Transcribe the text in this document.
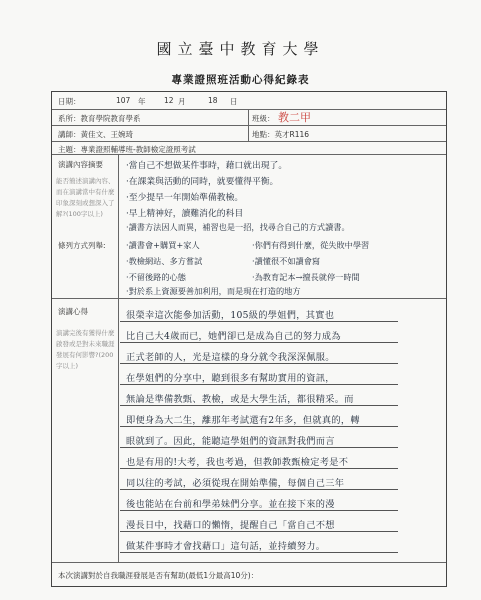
國立臺中教育大學
專業證照班活動心得紀錄表
日期：	107 年 12 月	18 日
系所：教育學院教育學系	班級： 教二甲
講師：黃佳文、王婉琦	地點：英才R116
主題：專業證照輔導班-教師檢定證照考試
演講內容摘要
能否簡述演講內容、而在演講當中有什麼印象深刻或想深入了解?(100字以上)
條列方式列舉:
·當自己不想做某件事時，藉口就出現了。
·在課業與活動的同時，就要懂得平衡。
·至少提早一年開始準備教檢。
·早上精神好，讀難消化的科目
·讀書方法因人而異，補習也是一招，找尋合自己的方式讀書。
·讀書會+購買+家人
·教檢網站、多方嘗試
·不留後路的心態
·你們有得到什麼，從失敗中學習
·讀懂很不如讀會寫
·為教育記本→擅長就停一時間
·對於系上資源要善加利用，而是現在打造的地方
演講心得
演講完後有獲得什麼啟發或是對未來職涯發展有何影響?(200字以上)
很榮幸這次能參加活動，105級的學姐們，其實也
比自己大4歲而已，她們卻已是成為自己的努力成為
正式老師的人，光是這樣的身分就令我深深佩服。
在學姐們的分享中，聽到很多有幫助實用的資訊，
無論是準備教甄、教檢，或是大學生活，都很精采。而
即便身為大二生，離那年考試還有2年多，但就真的，轉
眼就到了。因此，能聽這學姐們的資訊對我們而言
也是有用的!大考，我也考過，但教師教甄檢定考是不
同以往的考試，必須從現在開始準備，每個自己三年
後也能站在台前和學弟妹們分享。並在接下來的漫
漫長日中，找藉口的懶惰，提醒自己「當自己不想
做某件事時才會找藉口」這句話，並持續努力。
本次演講對於自我職涯發展是否有幫助(最低1分最高10分)：
